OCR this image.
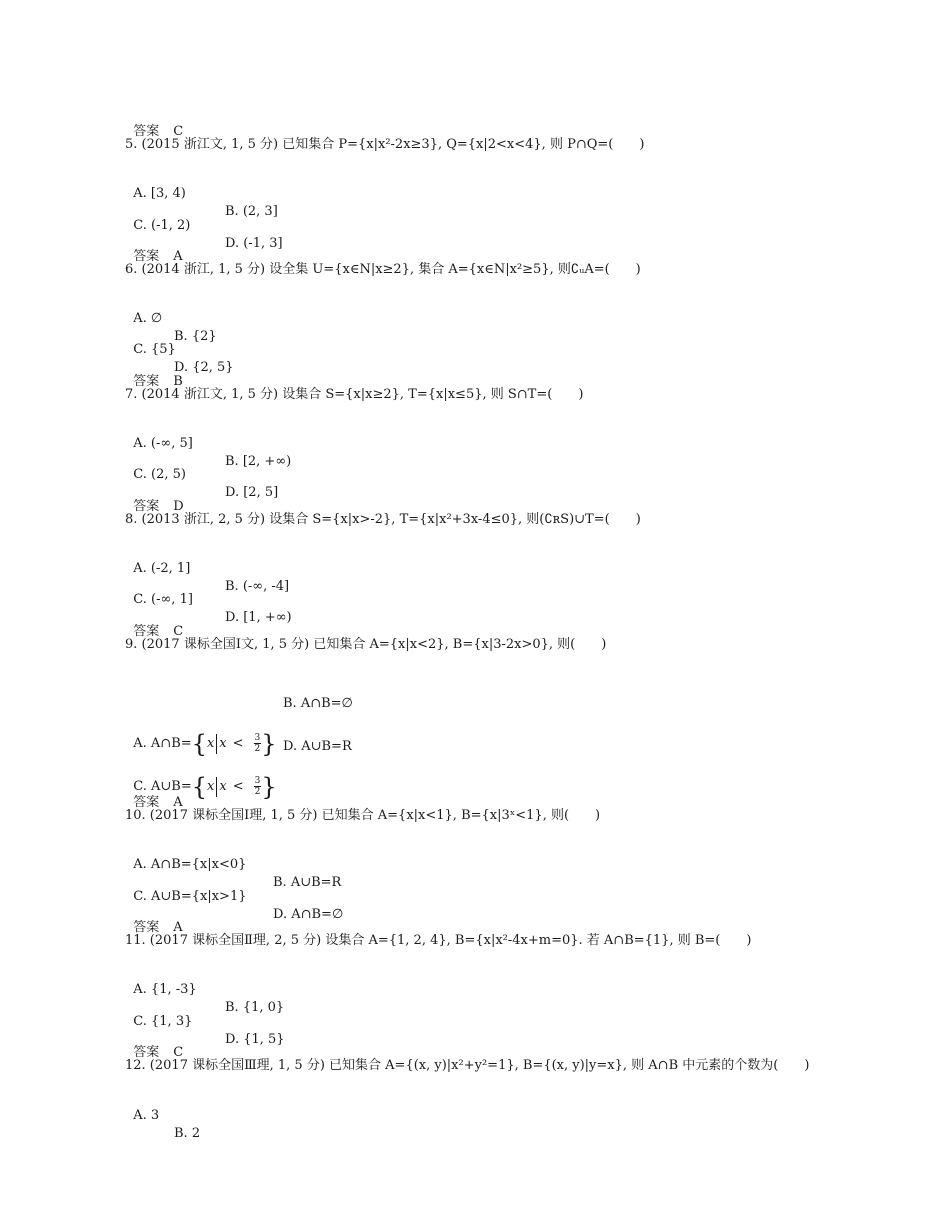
答案 C

5. (2015 浙江文, 1, 5 分) 已知集合 P={x|x²-2x≥3}, Q={x|2<x<4}, 则 P∩Q=(　　)

A. [3, 4)

B. (2, 3]

C. (-1, 2)

D. (-1, 3]

答案 A

6. (2014 浙江, 1, 5 分) 设全集 U={x∈N|x≥2}, 集合 A={x∈N|x²≥5}, 则∁ᵤA=(　　)

A. ∅

B. {2}

C. {5}

D. {2, 5}

答案 B

7. (2014 浙江文, 1, 5 分) 设集合 S={x|x≥2}, T={x|x≤5}, 则 S∩T=(　　)

A. (-∞, 5]

B. [2, +∞)

C. (2, 5)

D. [2, 5]

答案 D

8. (2013 浙江, 2, 5 分) 设集合 S={x|x>-2}, T={x|x²+3x-4≤0}, 则(∁ʀS)∪T=(　　)

A. (-2, 1]

B. (-∞, -4]

C. (-∞, 1]

D. [1, +∞)

答案 C

9. (2017 课标全国Ⅰ文, 1, 5 分) 已知集合 A={x|x<2}, B={x|3-2x>0}, 则(　　)

A. A∩B={x $x < \frac{3}{2}$ }

B. A∩B=∅

C. A∪B={x $x < \frac{3}{2}$ }

D. A∪B=R

答案 A

10. (2017 课标全国Ⅰ理, 1, 5 分) 已知集合 A={x|x<1}, B={x|3ˣ<1}, 则(　　)

A. A∩B={x|x<0}

B. A∪B=R

C. A∪B={x|x>1}

D. A∩B=∅

答案 A

11. (2017 课标全国Ⅱ理, 2, 5 分) 设集合 A={1, 2, 4}, B={x|x²-4x+m=0}. 若 A∩B={1}, 则 B=(　　)

A. {1, -3}

B. {1, 0}

C. {1, 3}

D. {1, 5}

答案 C

12. (2017 课标全国Ⅲ理, 1, 5 分) 已知集合 A={(x, y)|x²+y²=1}, B={(x, y)|y=x}, 则 A∩B 中元素的个数为(　　)

A. 3

B. 2
